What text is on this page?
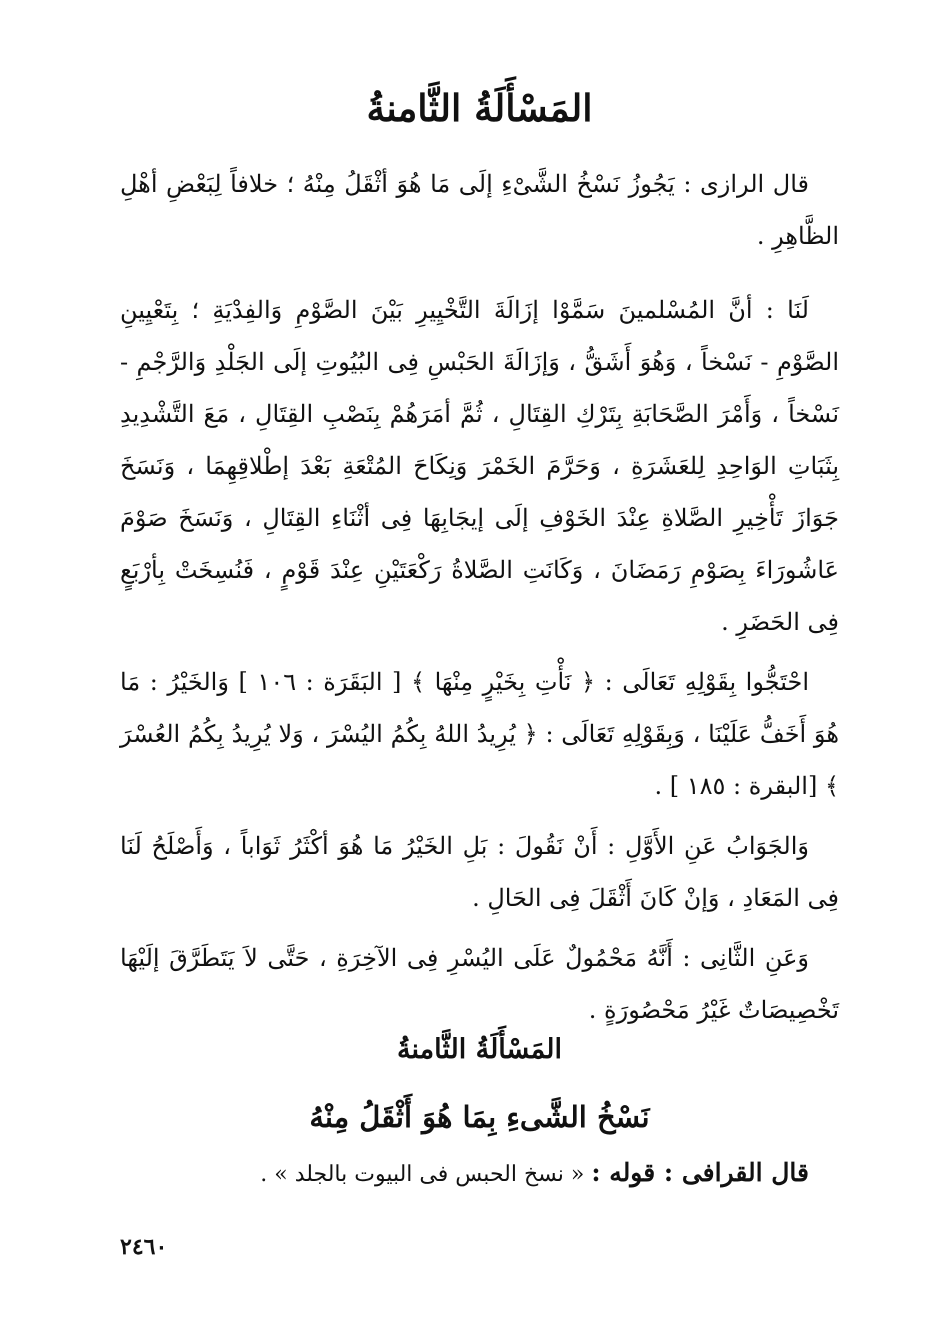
المَسْأَلَةُ الثَّامنةُ

قال الرازى : يَجُوزُ نَسْخُ الشَّىْءِ إلَى مَا هُوَ أثْقَلُ مِنْهُ ؛ خلافاً لِبَعْضِ أهْلِ الظَّاهِرِ .

لَنَا : أنَّ المُسْلمينَ سَمَّوْا إزَالَةَ التَّخْيِيرِ بَيْنَ الصَّوْمِ وَالفِدْيَةِ ؛ بِتَعْيِينِ الصَّوْمِ - نَسْخاً ، وَهُوَ أَشَقُّ ، وَإزَالَةَ الحَبْسِ فِى البُيُوتِ إلَى الجَلْدِ وَالرَّجْمِ - نَسْخاً ، وَأَمْرَ الصَّحَابَةِ بِتَرْكِ القِتَالِ ، ثُمَّ أمَرَهُمْ بِنَصْبِ القِتَالِ ، مَعَ التَّشْدِيدِ بِثَبَاتِ الوَاحِدِ لِلعَشَرَةِ ، وَحَرَّمَ الخَمْرَ وَنِكَاحَ المُتْعَةِ بَعْدَ إطْلاقِهِمَا ، وَنَسَخَ جَوَازَ تَأْخِيرِ الصَّلاةِ عِنْدَ الخَوْفِ إلَى إيجَابِهَا فِى أثْنَاءِ القِتَالِ ، وَنَسَخَ صَوْمَ عَاشُورَاءَ بِصَوْمِ رَمَضَانَ ، وَكَانَتِ الصَّلاةُ رَكْعَتَيْنِ عِنْدَ قَوْمٍ ، فَنُسِخَتْ بِأرْبَعٍ فِى الحَضَرِ .

احْتَجُّوا بِقَوْلِهِ تَعَالَى : ﴿ نَأْتِ بِخَيْرٍ مِنْهَا ﴾ [ البَقَرَة : ١٠٦ ] وَالخَيْرُ : مَا هُوَ أَخَفُّ عَلَيْنَا ، وَبِقَوْلِهِ تَعَالَى : ﴿ يُرِيدُ اللهُ بِكُمُ اليُسْرَ ، وَلا يُرِيدُ بِكُمُ العُسْرَ ﴾ [البقرة : ١٨٥ ] .

وَالجَوَابُ عَنِ الأَوَّلِ : أَنْ نَقُولَ : بَلِ الخَيْرُ مَا هُوَ أكْثَرُ ثَوَاباً ، وَأَصْلَحُ لَنَا فِى المَعَادِ ، وَإنْ كَانَ أَثْقَلَ فِى الحَالِ .

وَعَنِ الثَّانِى : أَنَّهُ مَحْمُولٌ عَلَى اليُسْرِ فِى الآخِرَةِ ، حَتَّى لاَ يَتَطَرَّقَ إلَيْهَا تَخْصِيصَاتٌ غَيْرُ مَحْصُورَةٍ .

المَسْأَلَةُ الثَّامنةُ
نَسْخُ الشَّىءِ بِمَا هُوَ أَثْقَلُ مِنْهُ

قال القرافى : قوله : « نسخ الحبس فى البيوت بالجلد » .

٢٤٦٠
